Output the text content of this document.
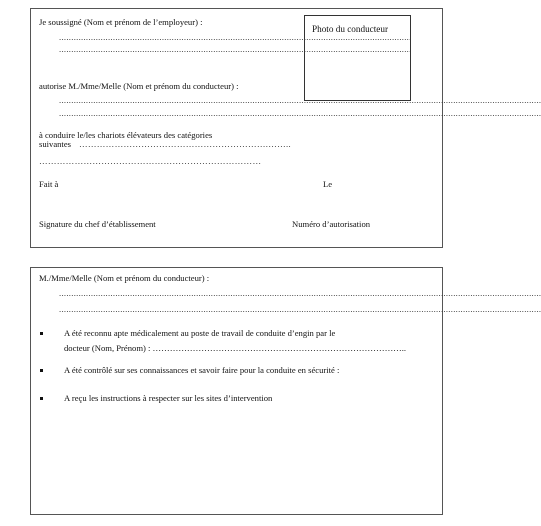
Je soussigné (Nom et prénom de l’employeur) :
................................................................................................................................................
................................................................................................................................................
Photo du conducteur
autorise M./Mme/Melle (Nom et prénom du conducteur) :
.....................................................................................................................................................................................................
.....................................................................................................................................................................................................
à conduire le/les chariots élévateurs des catégories
suivantes ……………………………………………………….……..
…………………………………………………………………
Fait à	Le
Signature du chef d’établissement	Numéro d’autorisation
M./Mme/Melle (Nom et prénom du conducteur) :
.....................................................................................................................................................................................................
.....................................................................................................................................................................................................
A été reconnu apte médicalement au poste de travail de conduite d’engin par le
docteur (Nom, Prénom) : ……………………………………………………………………………..
A été contrôlé sur ses connaissances et savoir faire pour la conduite en sécurité :
A reçu les instructions à respecter sur les sites d’intervention
